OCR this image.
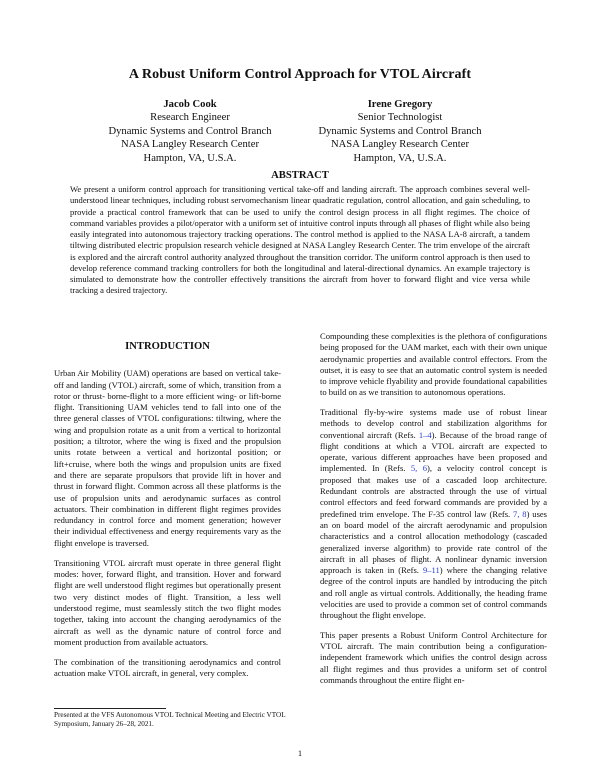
A Robust Uniform Control Approach for VTOL Aircraft
Jacob Cook
Research Engineer
Dynamic Systems and Control Branch
NASA Langley Research Center
Hampton, VA, U.S.A.
Irene Gregory
Senior Technologist
Dynamic Systems and Control Branch
NASA Langley Research Center
Hampton, VA, U.S.A.
ABSTRACT

We present a uniform control approach for transitioning vertical take-off and landing aircraft. The approach combines several well-understood linear techniques, including robust servomechanism linear quadratic regulation, control allocation, and gain scheduling, to provide a practical control framework that can be used to unify the control design process in all flight regimes. The choice of command variables provides a pilot/operator with a uniform set of intuitive control inputs through all phases of flight while also being easily integrated into autonomous trajectory tracking operations. The control method is applied to the NASA LA-8 aircraft, a tandem tiltwing distributed electric propulsion research vehicle designed at NASA Langley Research Center. The trim envelope of the aircraft is explored and the aircraft control authority analyzed throughout the transition corridor. The uniform control approach is then used to develop reference command tracking controllers for both the longitudinal and lateral-directional dynamics. An example trajectory is simulated to demonstrate how the controller effectively transitions the aircraft from hover to forward flight and vice versa while tracking a desired trajectory.

INTRODUCTION

Urban Air Mobility (UAM) operations are based on vertical take-off and landing (VTOL) aircraft, some of which, transition from a rotor or thrust- borne-flight to a more efficient wing- or lift-borne flight. Transitioning UAM vehicles tend to fall into one of the three general classes of VTOL configurations: tiltwing, where the wing and propulsion rotate as a unit from a vertical to horizontal position; a tiltrotor, where the wing is fixed and the propulsion units rotate between a vertical and horizontal position; or lift+cruise, where both the wings and propulsion units are fixed and there are separate propulsors that provide lift in hover and thrust in forward flight. Common across all these platforms is the use of propulsion units and aerodynamic surfaces as control actuators. Their combination in different flight regimes provides redundancy in control force and moment generation; however their individual effectiveness and energy requirements vary as the flight envelope is traversed.

Transitioning VTOL aircraft must operate in three general flight modes: hover, forward flight, and transition. Hover and forward flight are well understood flight regimes but operationally present two very distinct modes of flight. Transition, a less well understood regime, must seamlessly stitch the two flight modes together, taking into account the changing aerodynamics of the aircraft as well as the dynamic nature of control force and moment production from available actuators.

The combination of the transitioning aerodynamics and control actuation make VTOL aircraft, in general, very complex.

Compounding these complexities is the plethora of configurations being proposed for the UAM market, each with their own unique aerodynamic properties and available control effectors. From the outset, it is easy to see that an automatic control system is needed to improve vehicle flyability and provide foundational capabilities to build on as we transition to autonomous operations.

Traditional fly-by-wire systems made use of robust linear methods to develop control and stabilization algorithms for conventional aircraft (Refs. 1–4). Because of the broad range of flight conditions at which a VTOL aircraft are expected to operate, various different approaches have been proposed and implemented. In (Refs. 5, 6), a velocity control concept is proposed that makes use of a cascaded loop architecture. Redundant controls are abstracted through the use of virtual control effectors and feed forward commands are provided by a predefined trim envelope. The F-35 control law (Refs. 7, 8) uses an on board model of the aircraft aerodynamic and propulsion characteristics and a control allocation methodology (cascaded generalized inverse algorithm) to provide rate control of the aircraft in all phases of flight. A nonlinear dynamic inversion approach is taken in (Refs. 9–11) where the changing relative degree of the control inputs are handled by introducing the pitch and roll angle as virtual controls. Additionally, the heading frame velocities are used to provide a common set of control commands throughout the flight envelope.

This paper presents a Robust Uniform Control Architecture for VTOL aircraft. The main contribution being a configuration-independent framework which unifies the control design across all flight regimes and thus provides a uniform set of control commands throughout the entire flight en-

Presented at the VFS Autonomous VTOL Technical Meeting and Electric VTOL Symposium, January 26–28, 2021.
1
